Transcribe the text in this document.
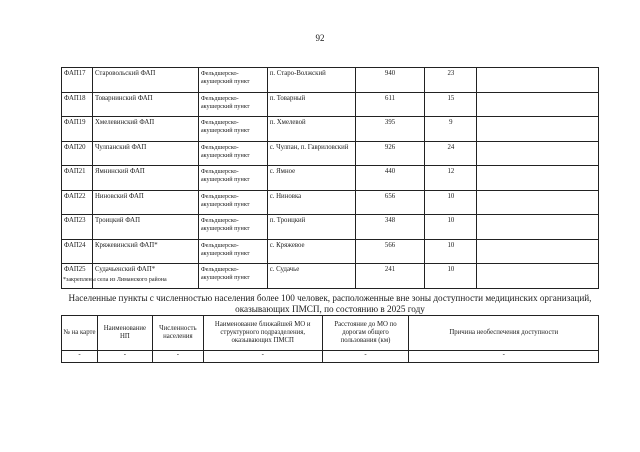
92
ФАП17	Старовольский ФАП	Фельдшерско-акушерский пункт	п. Старо-Волжский	940	23	
ФАП18	Товарнинский ФАП	Фельдшерско-акушерский пункт	п. Товарный	611	15	
ФАП19	Хмелевинский ФАП	Фельдшерско-акушерский пункт	п. Хмелевой	395	9	
ФАП20	Чулпанский ФАП	Фельдшерско-акушерский пункт	с. Чулпан, п. Гавриловский	926	24	
ФАП21	Ямнинский ФАП	Фельдшерско-акушерский пункт	с. Ямное	440	12	
ФАП22	Ниновский ФАП	Фельдшерско-акушерский пункт	с. Ниновка	656	10	
ФАП23	Троицкий ФАП	Фельдшерско-акушерский пункт	п. Троицкий	348	10	
ФАП24	Кряжевинский ФАП*	Фельдшерско-акушерский пункт	с. Кряжевое	566	10	
ФАП25	Судачьенский ФАП*	Фельдшерско-акушерский пункт	с. Судачье	241	10	
*закреплены села из Лиманского района
Населенные пункты с численностью населения более 100 человек, расположенные вне зоны доступности медицинских организаций, оказывающих ПМСП, по состоянию в 2025 году
№ на карте	Наименование НП	Численность населения	Наименование ближайшей МО и структурного подразделения, оказывающих ПМСП	Расстояние до МО по дорогам общего пользования (км)	Причина необеспечения доступности
-	-	-	-	-	-
